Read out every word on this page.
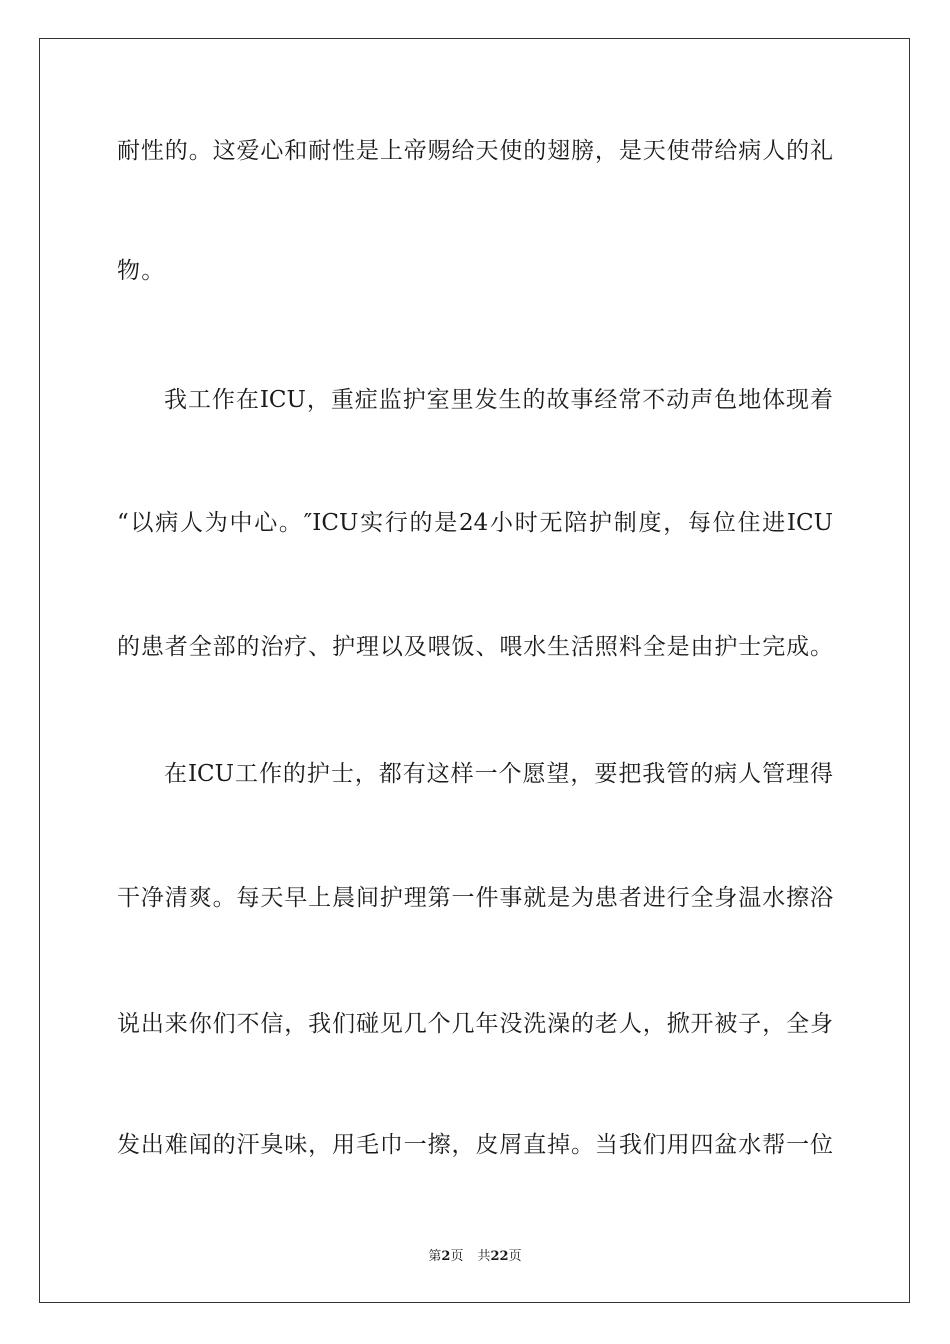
耐性的。这爱心和耐性是上帝赐给天使的翅膀，是天使带给病人的礼
物。
我工作在ICU，重症监护室里发生的故事经常不动声色地体现着
“以病人为中心。″ICU实行的是24小时无陪护制度，每位住进ICU
的患者全部的治疗、护理以及喂饭、喂水生活照料全是由护士完成。
在ICU工作的护士，都有这样一个愿望，要把我管的病人管理得
干净清爽。每天早上晨间护理第一件事就是为患者进行全身温水擦浴
说出来你们不信，我们碰见几个几年没洗澡的老人，掀开被子，全身
发出难闻的汗臭味，用毛巾一擦，皮屑直掉。当我们用四盆水帮一位
第2页 共22页
